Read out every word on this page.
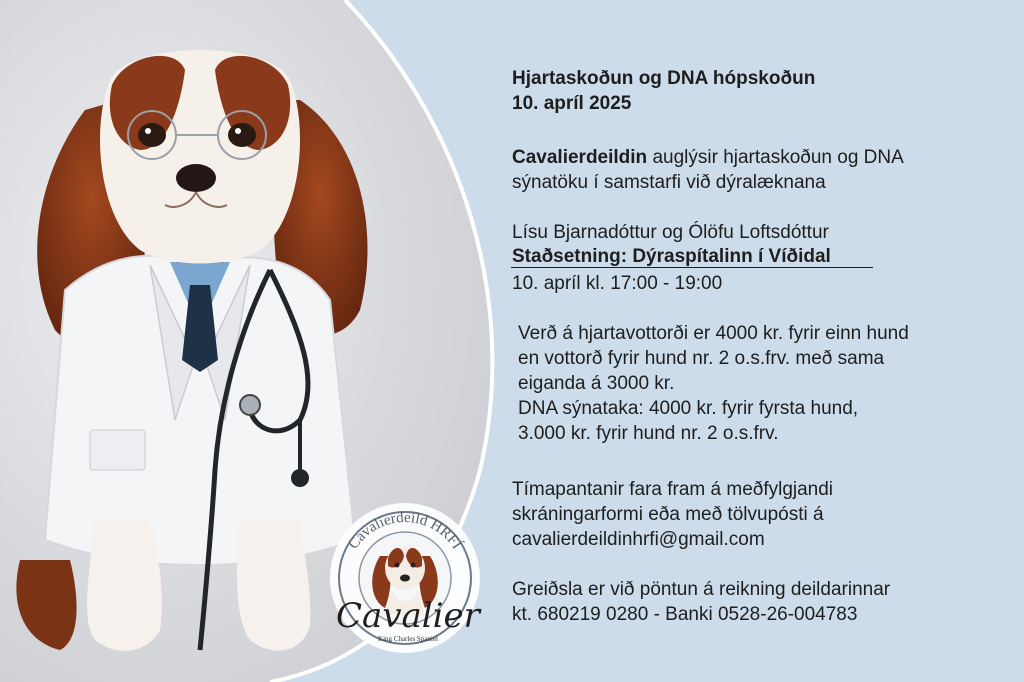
Cavalierdeild HRFÍ
Cavalier
King Charles Spaniel
Hjartaskoðun og DNA hópskoðun
10. apríl 2025
Cavalierdeildin auglýsir hjartaskoðun og DNA
sýnatöku í samstarfi við dýralæknana
Lísu Bjarnadóttur og Ólöfu Loftsdóttur
Staðsetning: Dýraspítalinn í Víðidal
10. apríl kl. 17:00 - 19:00
Verð á hjartavottorði er 4000 kr. fyrir einn hund
en vottorð fyrir hund nr. 2 o.s.frv. með sama
eiganda á 3000 kr.
DNA sýnataka: 4000 kr. fyrir fyrsta hund,
3.000 kr. fyrir hund nr. 2 o.s.frv.
Tímapantanir fara fram á meðfylgjandi
skráningarformi eða með tölvupósti á
cavalierdeildinhrfi@gmail.com
Greiðsla er við pöntun á reikning deildarinnar
kt. 680219 0280 - Banki 0528-26-004783
